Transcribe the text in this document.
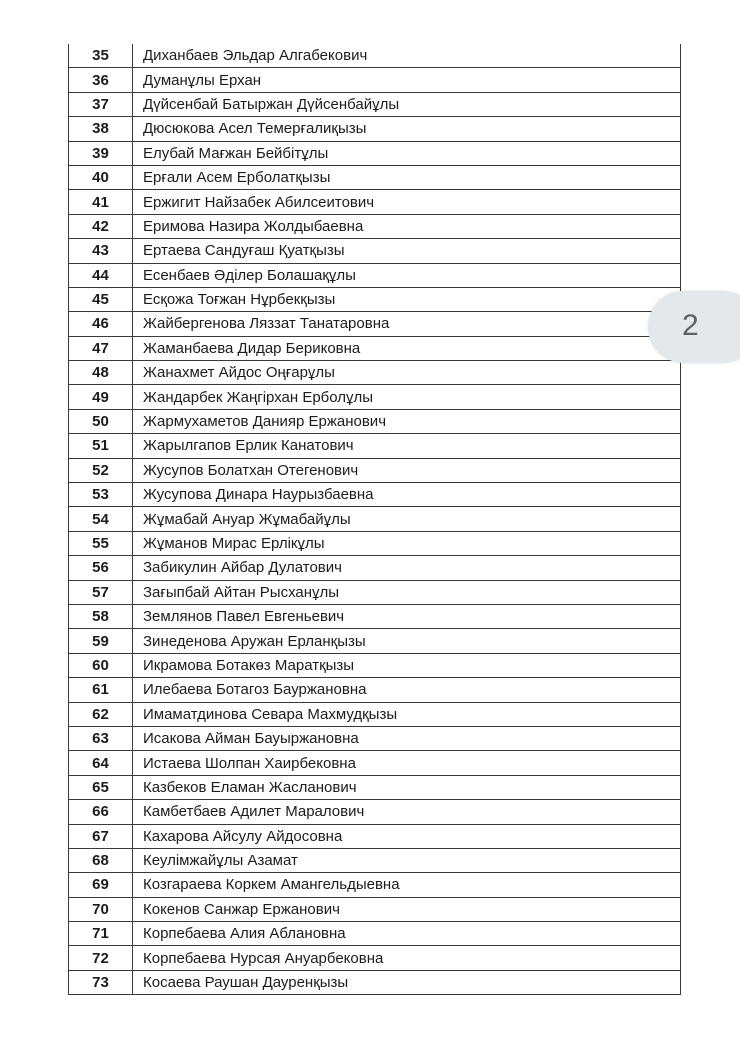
35	Диханбаев Эльдар Алгабекович
36	Думанұлы Ерхан
37	Дүйсенбай Батыржан Дүйсенбайұлы
38	Дюсюкова Асел Темерғалиқызы
39	Елубай Мағжан Бейбітұлы
40	Ерғали Асем Ерболатқызы
41	Ержигит Найзабек Абилсеитович
42	Еримова Назира Жолдыбаевна
43	Ертаева Сандуғаш Қуатқызы
44	Есенбаев Әділер Болашақұлы
45	Есқожа Тоғжан Нұрбекқызы
46	Жайбергенова Ляззат Танатаровна
47	Жаманбаева Дидар Бериковна
48	Жанахмет Айдос Оңғарұлы
49	Жандарбек Жаңгірхан Ерболұлы
50	Жармухаметов Данияр Ержанович
51	Жарылгапов Ерлик Канатович
52	Жусупов Болатхан Отегенович
53	Жусупова Динара Наурызбаевна
54	Жұмабай Ануар Жұмабайұлы
55	Жұманов Мирас Ерлікұлы
56	Забикулин Айбар Дулатович
57	Зағыпбай Айтан Рысханұлы
58	Землянов Павел Евгеньевич
59	Зинеденова Аружан Ерланқызы
60	Икрамова Ботакөз Маратқызы
61	Илебаева Ботагоз Бауржановна
62	Имаматдинова Севара Махмудқызы
63	Исакова Айман Бауыржановна
64	Истаева Шолпан Хаирбековна
65	Казбеков Еламан Жасланович
66	Камбетбаев Адилет Маралович
67	Кахарова Айсулу Айдосовна
68	Кеулімжайұлы Азамат
69	Козгараева Коркем Амангельдыевна
70	Кокенов Санжар Ержанович
71	Корпебаева Алия Аблановна
72	Корпебаева Нурсая Ануарбековна
73	Косаева Раушан Дауренқызы
2
